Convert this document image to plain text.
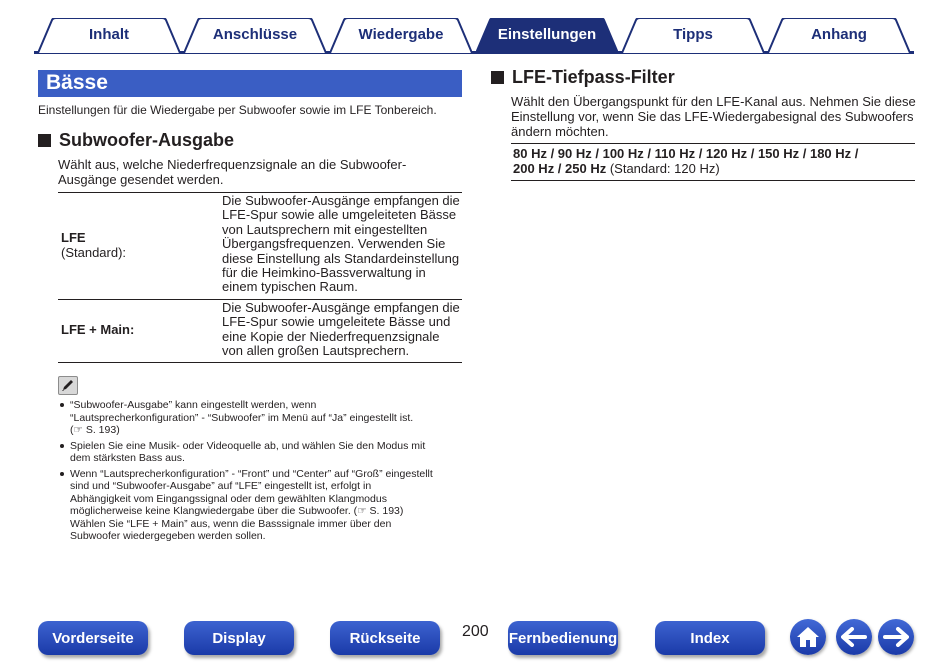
Inhalt	Anschlüsse	Wiedergabe	Einstellungen	Tipps	Anhang
Bässe
Einstellungen für die Wiedergabe per Subwoofer sowie im LFE Tonbereich.
Subwoofer-Ausgabe
Wählt aus, welche Niederfrequenzsignale an die Subwoofer-
Ausgänge gesendet werden.
LFE
(Standard):
Die Subwoofer-Ausgänge empfangen die
LFE-Spur sowie alle umgeleiteten Bässe
von Lautsprechern mit eingestellten
Übergangsfrequenzen. Verwenden Sie
diese Einstellung als Standardeinstellung
für die Heimkino-Bassverwaltung in
einem typischen Raum.
LFE + Main:
Die Subwoofer-Ausgänge empfangen die
LFE-Spur sowie umgeleitete Bässe und
eine Kopie der Niederfrequenzsignale
von allen großen Lautsprechern.
“Subwoofer-Ausgabe” kann eingestellt werden, wenn
“Lautsprecherkonfiguration” - “Subwoofer” im Menü auf “Ja” eingestellt ist.
(☞ S. 193)
Spielen Sie eine Musik- oder Videoquelle ab, und wählen Sie den Modus mit
dem stärksten Bass aus.
Wenn “Lautsprecherkonfiguration” - “Front” und “Center” auf “Groß” eingestellt
sind und “Subwoofer-Ausgabe” auf “LFE” eingestellt ist, erfolgt in
Abhängigkeit vom Eingangssignal oder dem gewählten Klangmodus
möglicherweise keine Klangwiedergabe über die Subwoofer. (☞ S. 193)
Wählen Sie “LFE + Main” aus, wenn die Basssignale immer über den
Subwoofer wiedergegeben werden sollen.
LFE-Tiefpass-Filter
Wählt den Übergangspunkt für den LFE-Kanal aus. Nehmen Sie diese
Einstellung vor, wenn Sie das LFE-Wiedergabesignal des Subwoofers
ändern möchten.
80 Hz / 90 Hz / 100 Hz / 110 Hz / 120 Hz / 150 Hz / 180 Hz /
200 Hz / 250 Hz (Standard: 120 Hz)
Vorderseite	Display	Rückseite	200 Fernbedienung	Index
